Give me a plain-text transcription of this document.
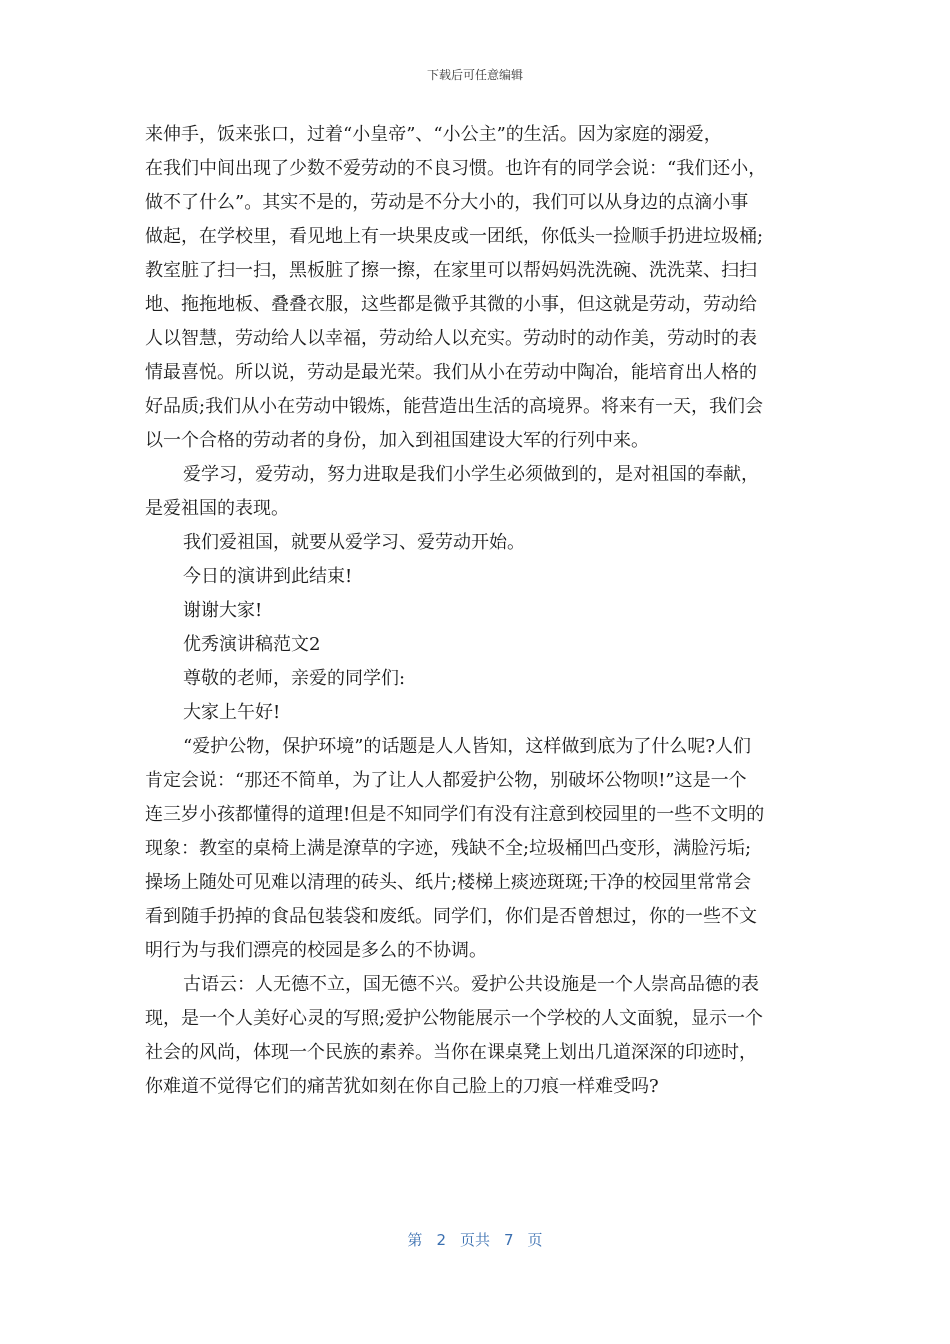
下载后可任意编辑
来伸手，饭来张口，过着“小皇帝”、“小公主”的生活。因为家庭的溺爱，
在我们中间出现了少数不爱劳动的不良习惯。也许有的同学会说：“我们还小，
做不了什么”。其实不是的，劳动是不分大小的，我们可以从身边的点滴小事
做起，在学校里，看见地上有一块果皮或一团纸，你低头一捡顺手扔进垃圾桶;
教室脏了扫一扫，黑板脏了擦一擦，在家里可以帮妈妈洗洗碗、洗洗菜、扫扫
地、拖拖地板、叠叠衣服，这些都是微乎其微的小事，但这就是劳动，劳动给
人以智慧，劳动给人以幸福，劳动给人以充实。劳动时的动作美，劳动时的表
情最喜悦。所以说，劳动是最光荣。我们从小在劳动中陶冶，能培育出人格的
好品质;我们从小在劳动中锻炼，能营造出生活的高境界。将来有一天，我们会
以一个合格的劳动者的身份，加入到祖国建设大军的行列中来。
爱学习，爱劳动，努力进取是我们小学生必须做到的，是对祖国的奉献，
是爱祖国的表现。
我们爱祖国，就要从爱学习、爱劳动开始。
今日的演讲到此结束!
谢谢大家!
优秀演讲稿范文2
尊敬的老师，亲爱的同学们:
大家上午好!
“爱护公物，保护环境”的话题是人人皆知，这样做到底为了什么呢?人们
肯定会说：“那还不简单，为了让人人都爱护公物，别破坏公物呗!”这是一个
连三岁小孩都懂得的道理!但是不知同学们有没有注意到校园里的一些不文明的
现象：教室的桌椅上满是潦草的字迹，残缺不全;垃圾桶凹凸变形，满脸污垢;
操场上随处可见难以清理的砖头、纸片;楼梯上痰迹斑斑;干净的校园里常常会
看到随手扔掉的食品包装袋和废纸。同学们，你们是否曾想过，你的一些不文
明行为与我们漂亮的校园是多么的不协调。
古语云：人无德不立，国无德不兴。爱护公共设施是一个人崇高品德的表
现，是一个人美好心灵的写照;爱护公物能展示一个学校的人文面貌，显示一个
社会的风尚，体现一个民族的素养。当你在课桌凳上划出几道深深的印迹时，
你难道不觉得它们的痛苦犹如刻在你自己脸上的刀痕一样难受吗?
第 2 页共 7 页
